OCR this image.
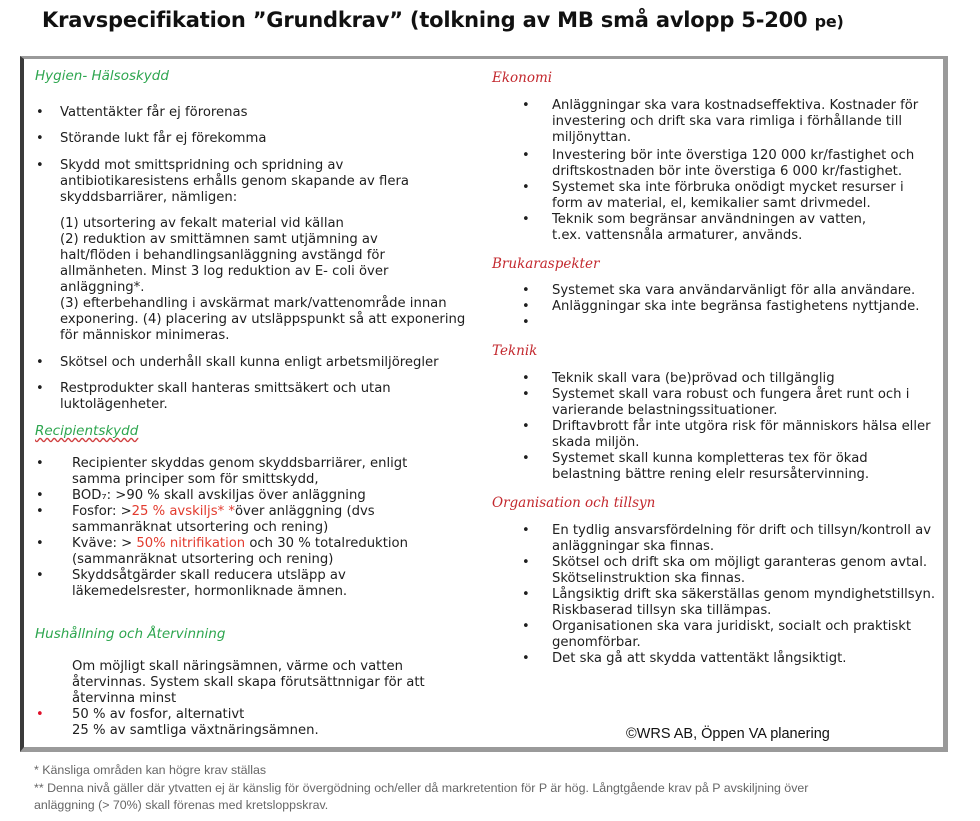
Kravspecifikation ”Grundkrav” (tolkning av MB små avlopp 5-200 pe)
Hygien- Hälsoskydd
• Vattentäkter får ej förorenas
• Störande lukt får ej förekomma
• Skydd mot smittspridning och spridning av antibiotikaresistens erhålls genom skapande av flera skyddsbarriärer, nämligen:
(1) utsortering av fekalt material vid källan
(2) reduktion av smittämnen samt utjämning av halt/flöden i behandlingsanläggning avstängd för allmänheten. Minst 3 log reduktion av E- coli över anläggning*.
(3) efterbehandling i avskärmat mark/vattenområde innan exponering. (4) placering av utsläppspunkt så att exponering för människor minimeras.
• Skötsel och underhåll skall kunna enligt arbetsmiljöregler
• Restprodukter skall hanteras smittsäkert och utan luktolägenheter.
Recipientskydd
• Recipienter skyddas genom skyddsbarriärer, enligt samma principer som för smittskydd,
• BOD₇: >90 % skall avskiljas över anläggning
• Fosfor: >25 % avskiljs* *över anläggning (dvs sammanräknat utsortering och rening)
• Kväve: > 50% nitrifikation och 30 % totalreduktion (sammanräknat utsortering och rening)
• Skyddsåtgärder skall reducera utsläpp av läkemedelsrester, hormonliknade ämnen.
Hushållning och Återvinning
Om möjligt skall näringsämnen, värme och vatten återvinnas. System skall skapa förutsättnnigar för att återvinna minst
• 50 % av fosfor, alternativt
25 % av samtliga växtnäringsämnen.
Ekonomi
• Anläggningar ska vara kostnadseffektiva. Kostnader för investering och drift ska vara rimliga i förhållande till miljönyttan.
• Investering bör inte överstiga 120 000 kr/fastighet och driftskostnaden bör inte överstiga 6 000 kr/fastighet.
• Systemet ska inte förbruka onödigt mycket resurser i form av material, el, kemikalier samt drivmedel.
• Teknik som begränsar användningen av vatten, t.ex. vattensnåla armaturer, används.
Brukaraspekter
• Systemet ska vara användarvänligt för alla användare.
• Anläggningar ska inte begränsa fastighetens nyttjande.
•
Teknik
• Teknik skall vara (be)prövad och tillgänglig
• Systemet skall vara robust och fungera året runt och i varierande belastningssituationer.
• Driftavbrott får inte utgöra risk för människors hälsa eller skada miljön.
• Systemet skall kunna kompletteras tex för ökad belastning bättre rening elelr resursåtervinning.
Organisation och tillsyn
• En tydlig ansvarsfördelning för drift och tillsyn/kontroll av anläggningar ska finnas.
• Skötsel och drift ska om möjligt garanteras genom avtal. Skötselinstruktion ska finnas.
• Långsiktig drift ska säkerställas genom myndighetstillsyn. Riskbaserad tillsyn ska tillämpas.
• Organisationen ska vara juridiskt, socialt och praktiskt genomförbar.
• Det ska gå att skydda vattentäkt långsiktigt.
©WRS AB, Öppen VA planering
* Känsliga områden kan högre krav ställas
** Denna nivå gäller där ytvatten ej är känslig för övergödning och/eller då markretention för P är hög. Långtgående krav på P avskiljning över
anläggning (> 70%) skall förenas med kretsloppskrav.
